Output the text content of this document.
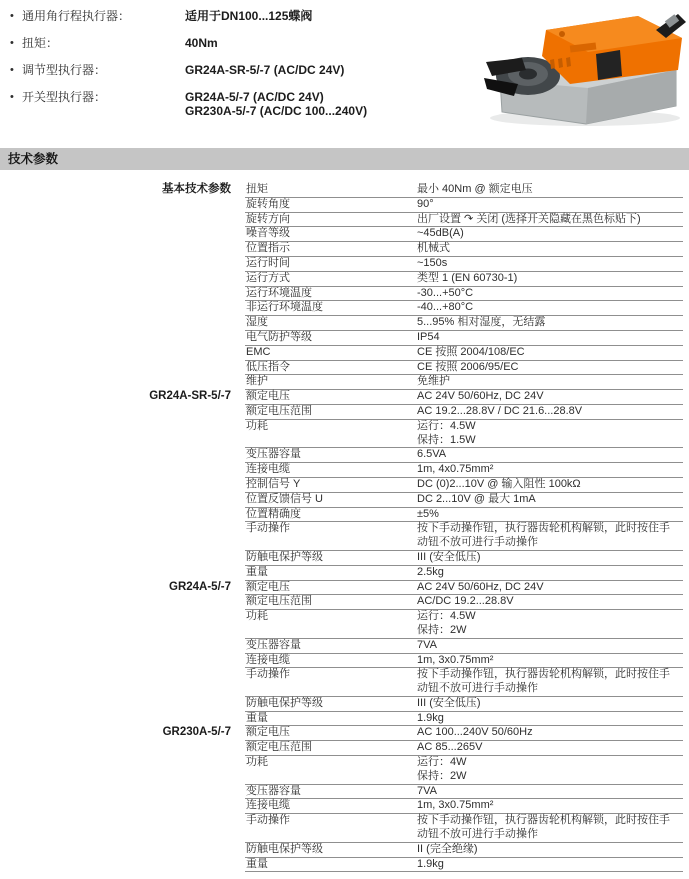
• 通用角行程执行器：	适用于DN100...125蝶阀
• 扭矩：	40Nm
• 调节型执行器：	GR24A-SR-5/-7 (AC/DC 24V)
• 开关型执行器：	GR24A-5/-7 (AC/DC 24V)
GR230A-5/-7 (AC/DC 100...240V)
技术参数
基本技术参数	扭矩	最小 40Nm @ 额定电压
旋转角度	90°
旋转方向	出厂设置 ↷ 关闭 (选择开关隐藏在黑色标贴下)
噪音等级	~45dB(A)
位置指示	机械式
运行时间	~150s
运行方式	类型 1 (EN 60730-1)
运行环境温度	-30...+50°C
非运行环境温度	-40...+80°C
湿度	5...95% 相对湿度，无结露
电气防护等级	IP54
EMC	CE 按照 2004/108/EC
低压指令	CE 按照 2006/95/EC
维护	免维护
GR24A-SR-5/-7	额定电压	AC 24V 50/60Hz, DC 24V
额定电压范围	AC 19.2...28.8V / DC 21.6...28.8V
功耗	运行：4.5W
保持：1.5W
变压器容量	6.5VA
连接电缆	1m, 4x0.75mm²
控制信号 Y	DC (0)2...10V @ 输入阻性 100kΩ
位置反馈信号 U	DC 2...10V @ 最大 1mA
位置精确度	±5%
手动操作	按下手动操作钮，执行器齿轮机构解锁，此时按住手动钮不放可进行手动操作
防触电保护等级	III (安全低压)
重量	2.5kg
GR24A-5/-7	额定电压	AC 24V 50/60Hz, DC 24V
额定电压范围	AC/DC 19.2...28.8V
功耗	运行：4.5W
保持：2W
变压器容量	7VA
连接电缆	1m, 3x0.75mm²
手动操作	按下手动操作钮，执行器齿轮机构解锁，此时按住手动钮不放可进行手动操作
防触电保护等级	III (安全低压)
重量	1.9kg
GR230A-5/-7	额定电压	AC 100...240V 50/60Hz
额定电压范围	AC 85...265V
功耗	运行：4W
保持：2W
变压器容量	7VA
连接电缆	1m, 3x0.75mm²
手动操作	按下手动操作钮，执行器齿轮机构解锁，此时按住手动钮不放可进行手动操作
防触电保护等级	II (完全绝缘)
重量	1.9kg
